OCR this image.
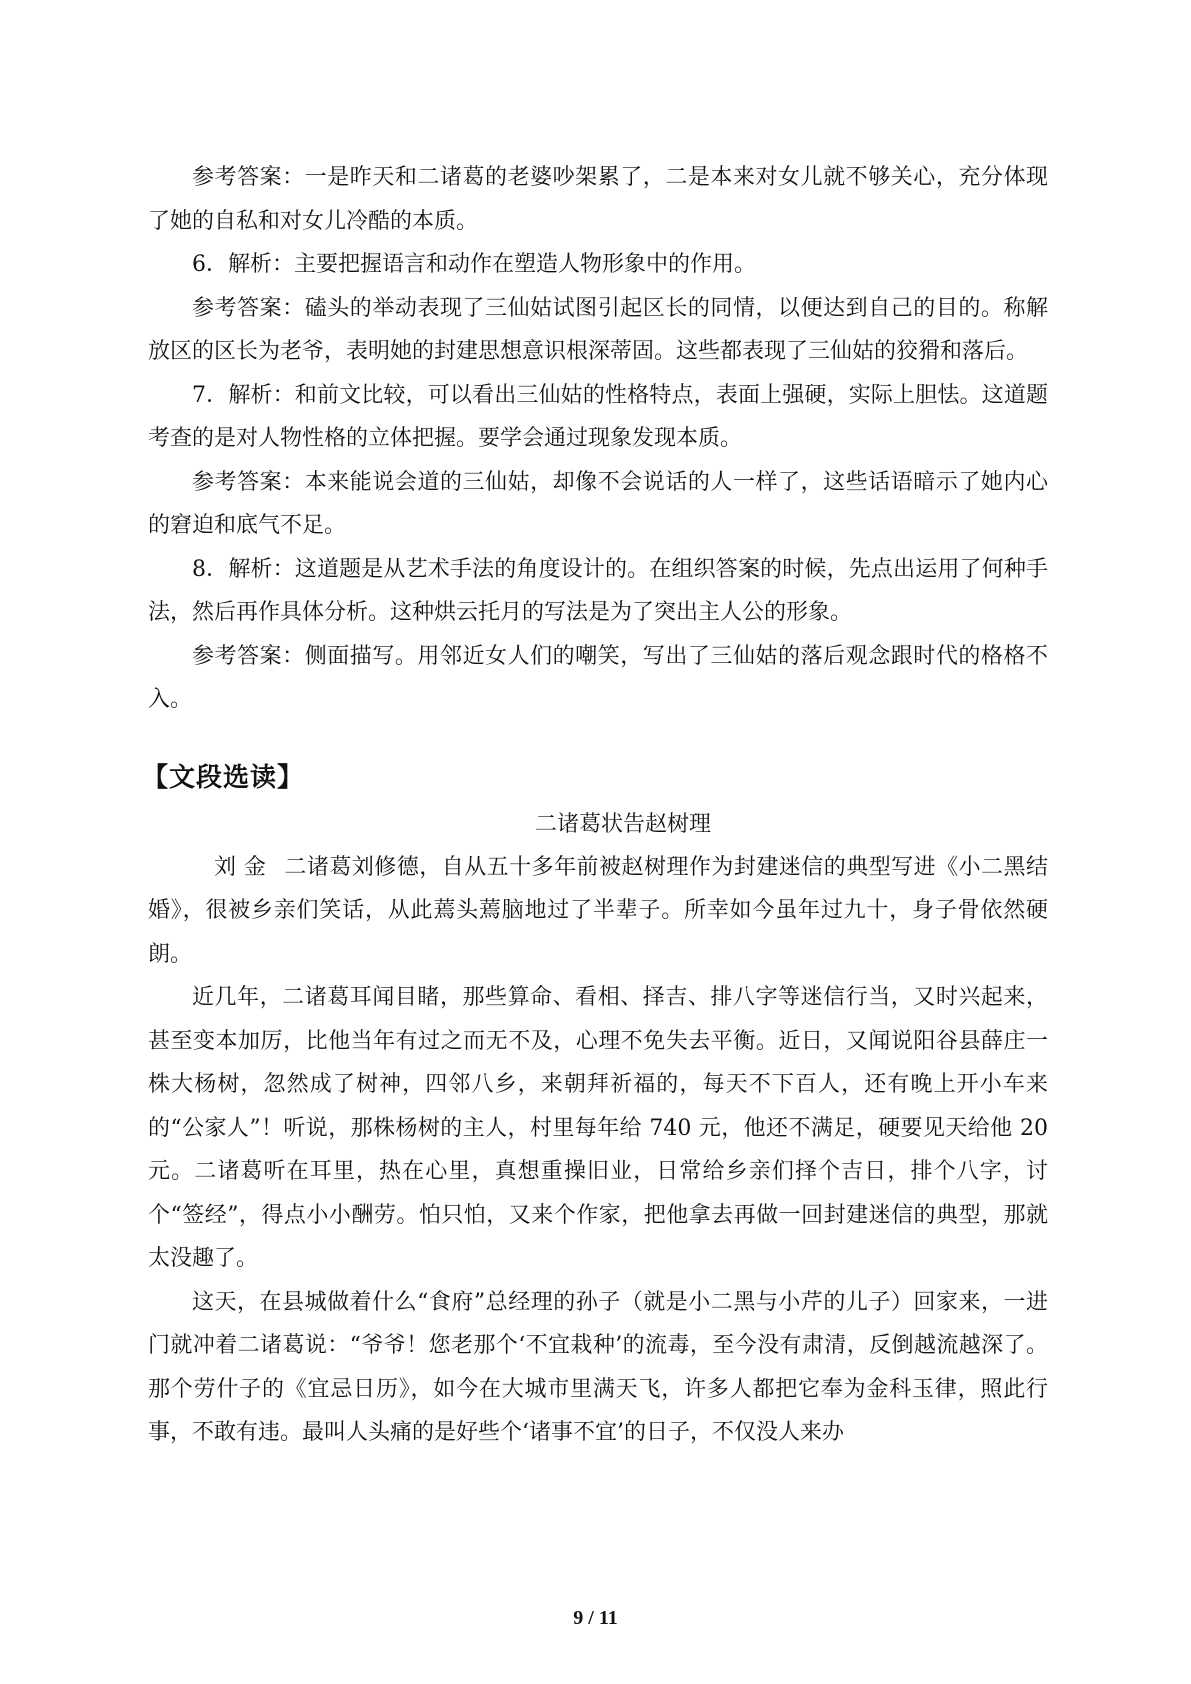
参考答案：一是昨天和二诸葛的老婆吵架累了，二是本来对女儿就不够关心，充分体现了她的自私和对女儿冷酷的本质。

6．解析：主要把握语言和动作在塑造人物形象中的作用。

参考答案：磕头的举动表现了三仙姑试图引起区长的同情，以便达到自己的目的。称解放区的区长为老爷，表明她的封建思想意识根深蒂固。这些都表现了三仙姑的狡猾和落后。

7．解析：和前文比较，可以看出三仙姑的性格特点，表面上强硬，实际上胆怯。这道题考查的是对人物性格的立体把握。要学会通过现象发现本质。

参考答案：本来能说会道的三仙姑，却像不会说话的人一样了，这些话语暗示了她内心的窘迫和底气不足。

8．解析：这道题是从艺术手法的角度设计的。在组织答案的时候，先点出运用了何种手法，然后再作具体分析。这种烘云托月的写法是为了突出主人公的形象。

参考答案：侧面描写。用邻近女人们的嘲笑，写出了三仙姑的落后观念跟时代的格格不入。

【文段选读】
二诸葛状告赵树理

刘 金 二诸葛刘修德，自从五十多年前被赵树理作为封建迷信的典型写进《小二黑结婚》，很被乡亲们笑话，从此蔫头蔫脑地过了半辈子。所幸如今虽年过九十，身子骨依然硬朗。

近几年，二诸葛耳闻目睹，那些算命、看相、择吉、排八字等迷信行当，又时兴起来，甚至变本加厉，比他当年有过之而无不及，心理不免失去平衡。近日，又闻说阳谷县薛庄一株大杨树，忽然成了树神，四邻八乡，来朝拜祈福的，每天不下百人，还有晚上开小车来的“公家人”！听说，那株杨树的主人，村里每年给 740 元，他还不满足，硬要见天给他 20 元。二诸葛听在耳里，热在心里，真想重操旧业，日常给乡亲们择个吉日，排个八字，讨个“签经”，得点小小酬劳。怕只怕，又来个作家，把他拿去再做一回封建迷信的典型，那就太没趣了。

这天，在县城做着什么“食府”总经理的孙子（就是小二黑与小芹的儿子）回家来，一进门就冲着二诸葛说：“爷爷！您老那个‘不宜栽种’的流毒，至今没有肃清，反倒越流越深了。那个劳什子的《宜忌日历》，如今在大城市里满天飞，许多人都把它奉为金科玉律，照此行事，不敢有违。最叫人头痛的是好些个‘诸事不宜’的日子，不仅没人来办

9 / 11
